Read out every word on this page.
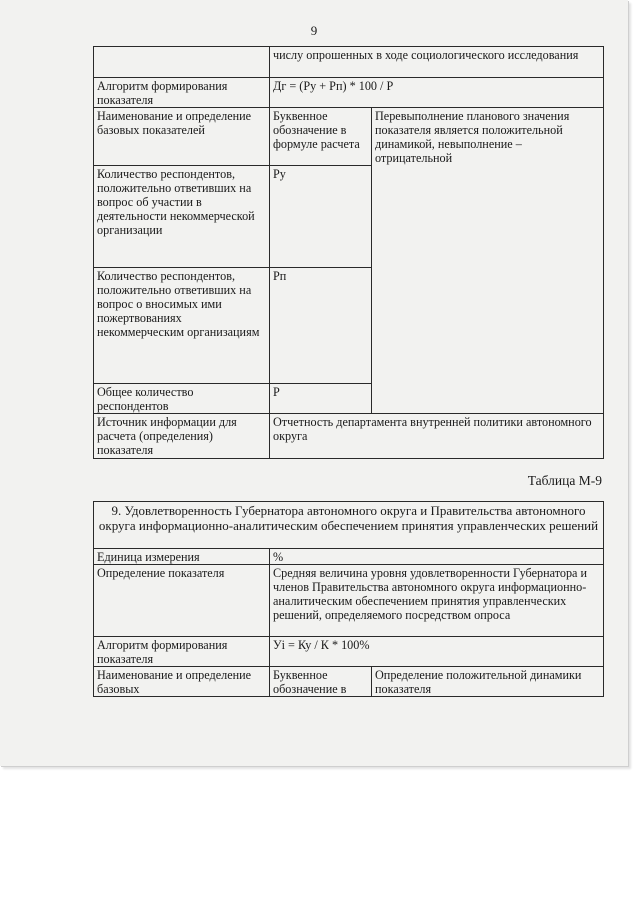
9
	числу опрошенных в ходе социологического исследования	
Алгоритм формирования показателя	Дг = (Ру + Рп) * 100 / Р	
Наименование и определение базовых показателей	Буквенное обозначение в формуле расчета	Перевыполнение планового значения показателя является положительной динамикой, невыполнение – отрицательной
Количество респондентов, положительно ответивших на вопрос об участии в деятельности некоммерческой организации	Ру	
Количество респондентов, положительно ответивших на вопрос о вносимых ими пожертвованиях некоммерческим организациям	Рп	
Общее количество респондентов	Р	
Источник информации для расчета (определения) показателя	Отчетность департамента внутренней политики автономного округа	
Таблица М-9
9. Удовлетворенность Губернатора автономного округа и Правительства автономного округа информационно-аналитическим обеспечением принятия управленческих решений		
Единица измерения	%	
Определение показателя	Средняя величина уровня удовлетворенности Губернатора и членов Правительства автономного округа информационно-аналитическим обеспечением принятия управленческих решений, определяемого посредством опроса	
Алгоритм формирования показателя	Уi = Ку / К * 100%	
Наименование и определение базовых	Буквенное обозначение в	Определение положительной динамики показателя
